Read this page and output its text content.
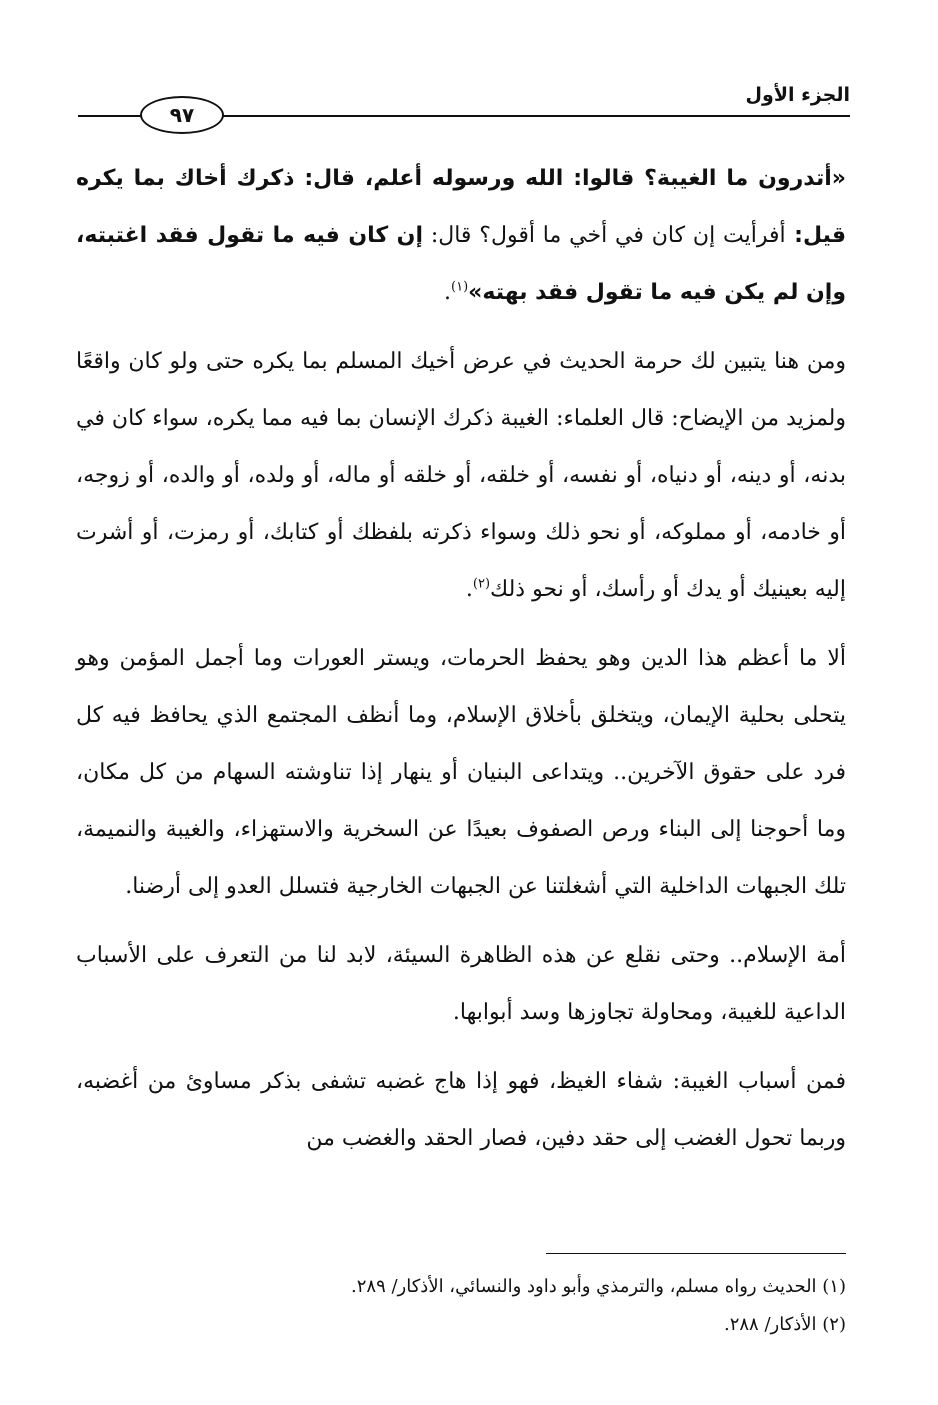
الجزء الأول
٩٧

«أتدرون ما الغيبة؟ قالوا: الله ورسوله أعلم، قال: ذكرك أخاك بما يكره قيل: أفرأيت إن كان في أخي ما أقول؟ قال: إن كان فيه ما تقول فقد اغتبته، وإن لم يكن فيه ما تقول فقد بهته»$^{(١)}$.

ومن هنا يتبين لك حرمة الحديث في عرض أخيك المسلم بما يكره حتى ولو كان واقعًا ولمزيد من الإيضاح: قال العلماء: الغيبة ذكرك الإنسان بما فيه مما يكره، سواء كان في بدنه، أو دينه، أو دنياه، أو نفسه، أو خلقه، أو خلقه أو ماله، أو ولده، أو والده، أو زوجه، أو خادمه، أو مملوكه، أو نحو ذلك وسواء ذكرته بلفظك أو كتابك، أو رمزت، أو أشرت إليه بعينيك أو يدك أو رأسك، أو نحو ذلك$^{(٢)}$.

ألا ما أعظم هذا الدين وهو يحفظ الحرمات، ويستر العورات وما أجمل المؤمن وهو يتحلى بحلية الإيمان، ويتخلق بأخلاق الإسلام، وما أنظف المجتمع الذي يحافظ فيه كل فرد على حقوق الآخرين.. ويتداعى البنيان أو ينهار إذا تناوشته السهام من كل مكان، وما أحوجنا إلى البناء ورص الصفوف بعيدًا عن السخرية والاستهزاء، والغيبة والنميمة، تلك الجبهات الداخلية التي أشغلتنا عن الجبهات الخارجية فتسلل العدو إلى أرضنا.

أمة الإسلام.. وحتى نقلع عن هذه الظاهرة السيئة، لابد لنا من التعرف على الأسباب الداعية للغيبة، ومحاولة تجاوزها وسد أبوابها.

فمن أسباب الغيبة: شفاء الغيظ، فهو إذا هاج غضبه تشفى بذكر مساوئ من أغضبه، وربما تحول الغضب إلى حقد دفين، فصار الحقد والغضب من

(١) الحديث رواه مسلم، والترمذي وأبو داود والنسائي، الأذكار/ ٢٨٩.
(٢) الأذكار/ ٢٨٨.
